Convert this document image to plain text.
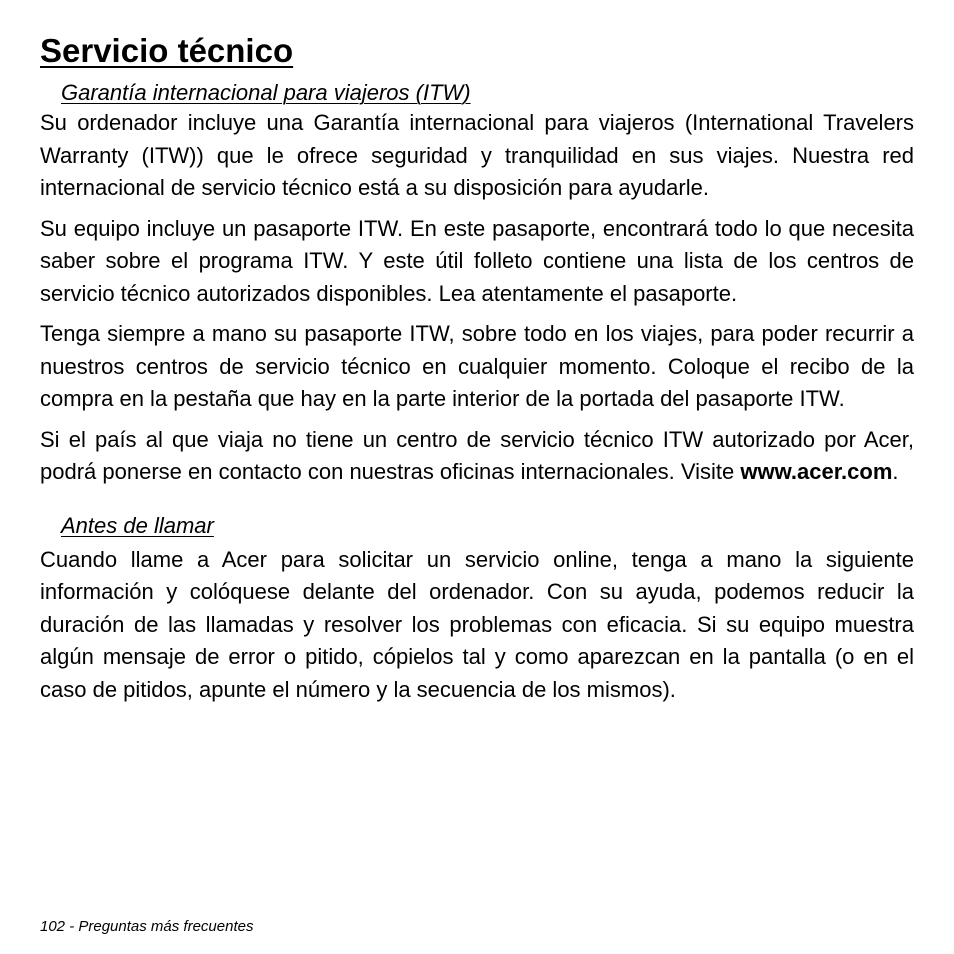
Servicio técnico
Garantía internacional para viajeros (ITW)

Su ordenador incluye una Garantía internacional para viajeros (International Travelers Warranty (ITW)) que le ofrece seguridad y tranquilidad en sus viajes. Nuestra red internacional de servicio técnico está a su disposición para ayudarle.

Su equipo incluye un pasaporte ITW. En este pasaporte, encontrará todo lo que necesita saber sobre el programa ITW. Y este útil folleto contiene una lista de los centros de servicio técnico autorizados disponibles. Lea atentamente el pasaporte.

Tenga siempre a mano su pasaporte ITW, sobre todo en los viajes, para poder recurrir a nuestros centros de servicio técnico en cualquier momento. Coloque el recibo de la compra en la pestaña que hay en la parte interior de la portada del pasaporte ITW.

Si el país al que viaja no tiene un centro de servicio técnico ITW autorizado por Acer, podrá ponerse en contacto con nuestras oficinas internacionales. Visite www.acer.com.

Antes de llamar

Cuando llame a Acer para solicitar un servicio online, tenga a mano la siguiente información y colóquese delante del ordenador. Con su ayuda, podemos reducir la duración de las llamadas y resolver los problemas con eficacia. Si su equipo muestra algún mensaje de error o pitido, cópielos tal y como aparezcan en la pantalla (o en el caso de pitidos, apunte el número y la secuencia de los mismos).

102 - Preguntas más frecuentes
